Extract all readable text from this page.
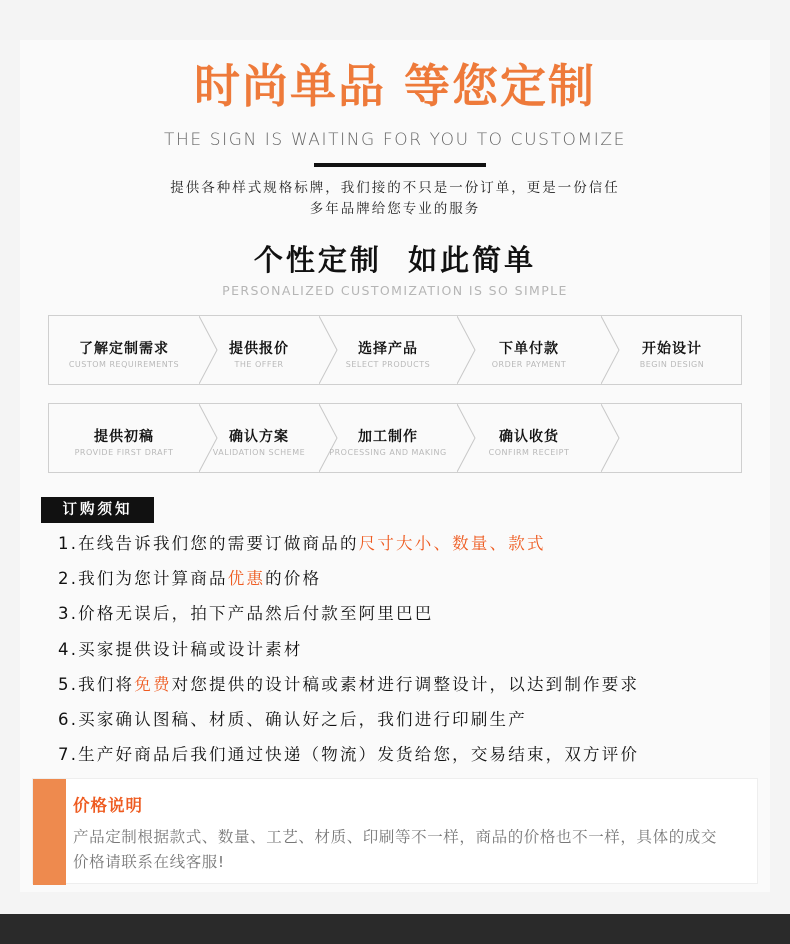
时尚单品 等您定制
THE SIGN IS WAITING FOR YOU TO CUSTOMIZE
提供各种样式规格标牌，我们接的不只是一份订单，更是一份信任
多年品牌给您专业的服务
个性定制  如此简单
PERSONALIZED CUSTOMIZATION IS SO SIMPLE
了解定制需求
CUSTOM REQUIREMENTS
提供报价
THE OFFER
选择产品
SELECT PRODUCTS
下单付款
ORDER PAYMENT
开始设计
BEGIN DESIGN
提供初稿
PROVIDE FIRST DRAFT
确认方案
VALIDATION SCHEME
加工制作
PROCESSING AND MAKING
确认收货
CONFIRM RECEIPT
订购须知
1.在线告诉我们您的需要订做商品的尺寸大小、数量、款式
2.我们为您计算商品优惠的价格
3.价格无误后，拍下产品然后付款至阿里巴巴
4.买家提供设计稿或设计素材
5.我们将免费对您提供的设计稿或素材进行调整设计，以达到制作要求
6.买家确认图稿、材质、确认好之后，我们进行印刷生产
7.生产好商品后我们通过快递（物流）发货给您，交易结束，双方评价
价格说明
产品定制根据款式、数量、工艺、材质、印刷等不一样，商品的价格也不一样，具体的成交价格请联系在线客服!
